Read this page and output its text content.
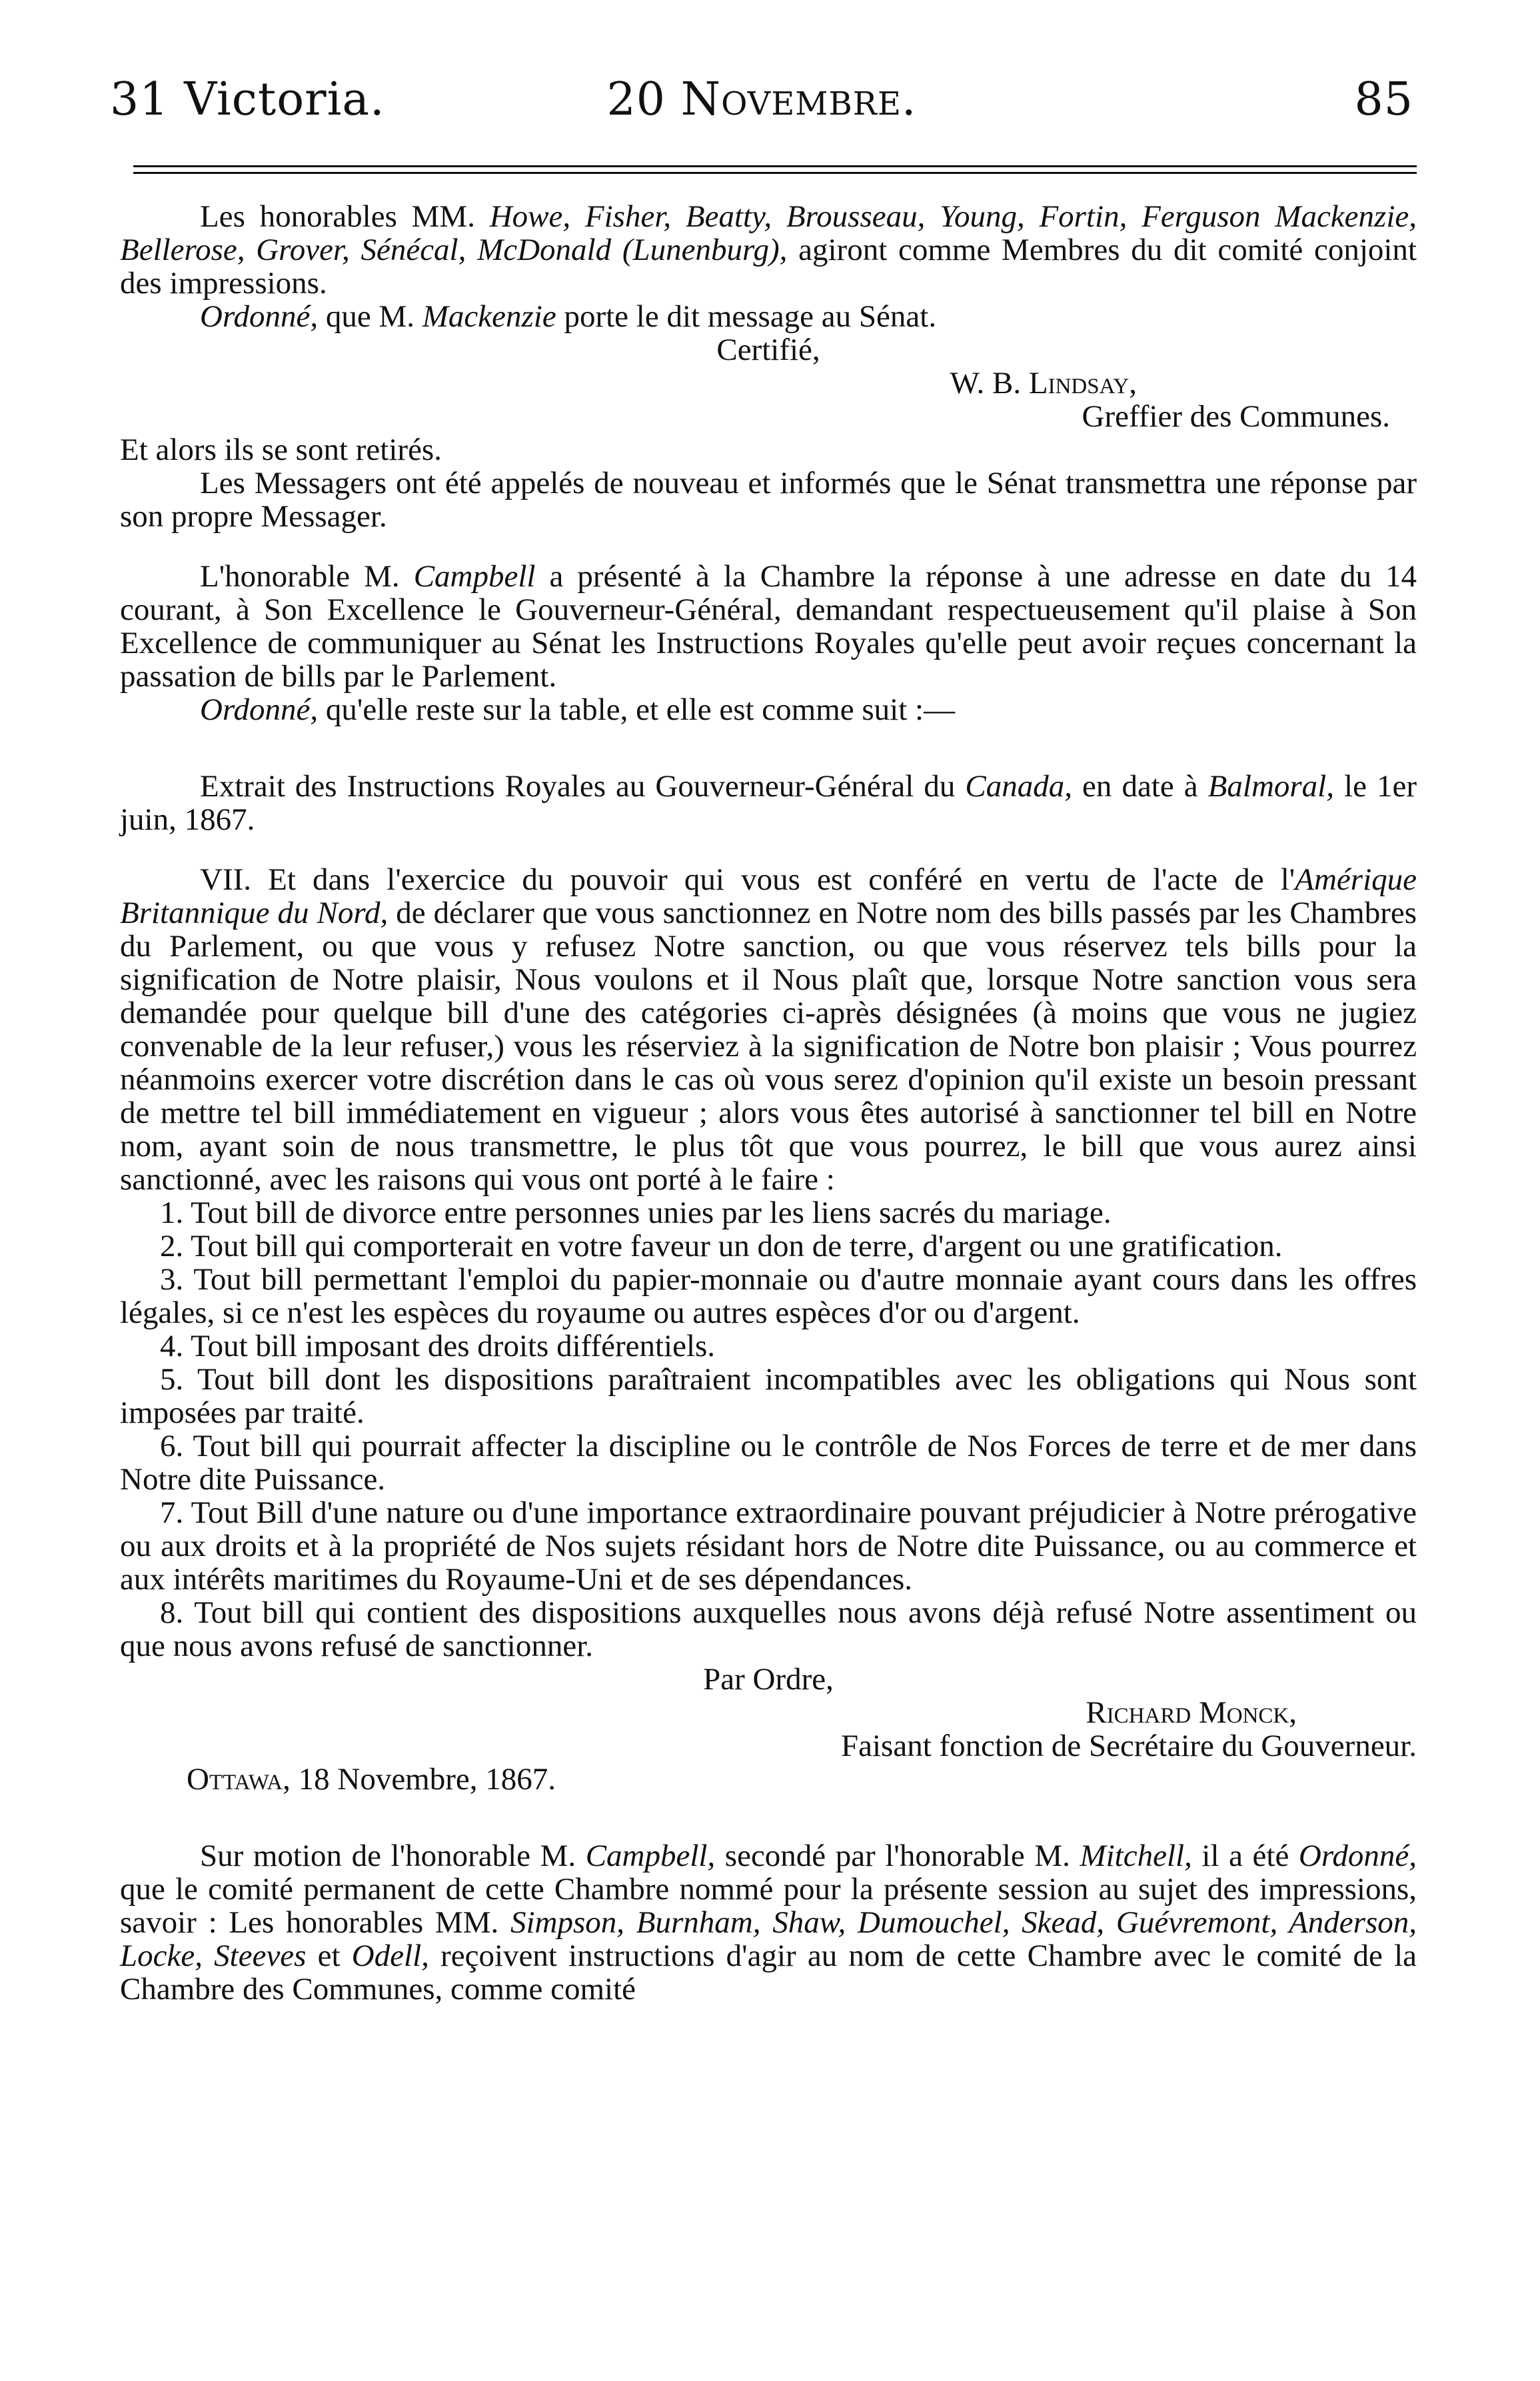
31 Victoria.	20 Novembre.	85

Les honorables MM. Howe, Fisher, Beatty, Brousseau, Young, Fortin, Ferguson Mackenzie, Bellerose, Grover, Sénécal, McDonald (Lunenburg), agiront comme Membres du dit comité conjoint des impressions.

Ordonné, que M. Mackenzie porte le dit message au Sénat.

Certifié,
W. B. Lindsay,
Greffier des Communes.

Et alors ils se sont retirés.

Les Messagers ont été appelés de nouveau et informés que le Sénat transmettra une réponse par son propre Messager.

L'honorable M. Campbell a présenté à la Chambre la réponse à une adresse en date du 14 courant, à Son Excellence le Gouverneur-Général, demandant respectueusement qu'il plaise à Son Excellence de communiquer au Sénat les Instructions Royales qu'elle peut avoir reçues concernant la passation de bills par le Parlement.

Ordonné, qu'elle reste sur la table, et elle est comme suit :—

Extrait des Instructions Royales au Gouverneur-Général du Canada, en date à Balmoral, le 1er juin, 1867.

VII. Et dans l'exercice du pouvoir qui vous est conféré en vertu de l'acte de l'Amérique Britannique du Nord, de déclarer que vous sanctionnez en Notre nom des bills passés par les Chambres du Parlement, ou que vous y refusez Notre sanction, ou que vous réservez tels bills pour la signification de Notre plaisir, Nous voulons et il Nous plaît que, lorsque Notre sanction vous sera demandée pour quelque bill d'une des catégories ci-après désignées (à moins que vous ne jugiez convenable de la leur refuser,) vous les réserviez à la signification de Notre bon plaisir ; Vous pourrez néanmoins exercer votre discrétion dans le cas où vous serez d'opinion qu'il existe un besoin pressant de mettre tel bill immédiatement en vigueur ; alors vous êtes autorisé à sanctionner tel bill en Notre nom, ayant soin de nous transmettre, le plus tôt que vous pourrez, le bill que vous aurez ainsi sanctionné, avec les raisons qui vous ont porté à le faire :

1. Tout bill de divorce entre personnes unies par les liens sacrés du mariage.
2. Tout bill qui comporterait en votre faveur un don de terre, d'argent ou une gratification.
3. Tout bill permettant l'emploi du papier-monnaie ou d'autre monnaie ayant cours dans les offres légales, si ce n'est les espèces du royaume ou autres espèces d'or ou d'argent.
4. Tout bill imposant des droits différentiels.
5. Tout bill dont les dispositions paraîtraient incompatibles avec les obligations qui Nous sont imposées par traité.
6. Tout bill qui pourrait affecter la discipline ou le contrôle de Nos Forces de terre et de mer dans Notre dite Puissance.
7. Tout Bill d'une nature ou d'une importance extraordinaire pouvant préjudicier à Notre prérogative ou aux droits et à la propriété de Nos sujets résidant hors de Notre dite Puissance, ou au commerce et aux intérêts maritimes du Royaume-Uni et de ses dépendances.
8. Tout bill qui contient des dispositions auxquelles nous avons déjà refusé Notre assentiment ou que nous avons refusé de sanctionner.
Par Ordre,
Richard Monck,
Faisant fonction de Secrétaire du Gouverneur.
Ottawa, 18 Novembre, 1867.

Sur motion de l'honorable M. Campbell, secondé par l'honorable M. Mitchell, il a été Ordonné, que le comité permanent de cette Chambre nommé pour la présente session au sujet des impressions, savoir : Les honorables MM. Simpson, Burnham, Shaw, Dumouchel, Skead, Guévremont, Anderson, Locke, Steeves et Odell, reçoivent instructions d'agir au nom de cette Chambre avec le comité de la Chambre des Communes, comme comité
